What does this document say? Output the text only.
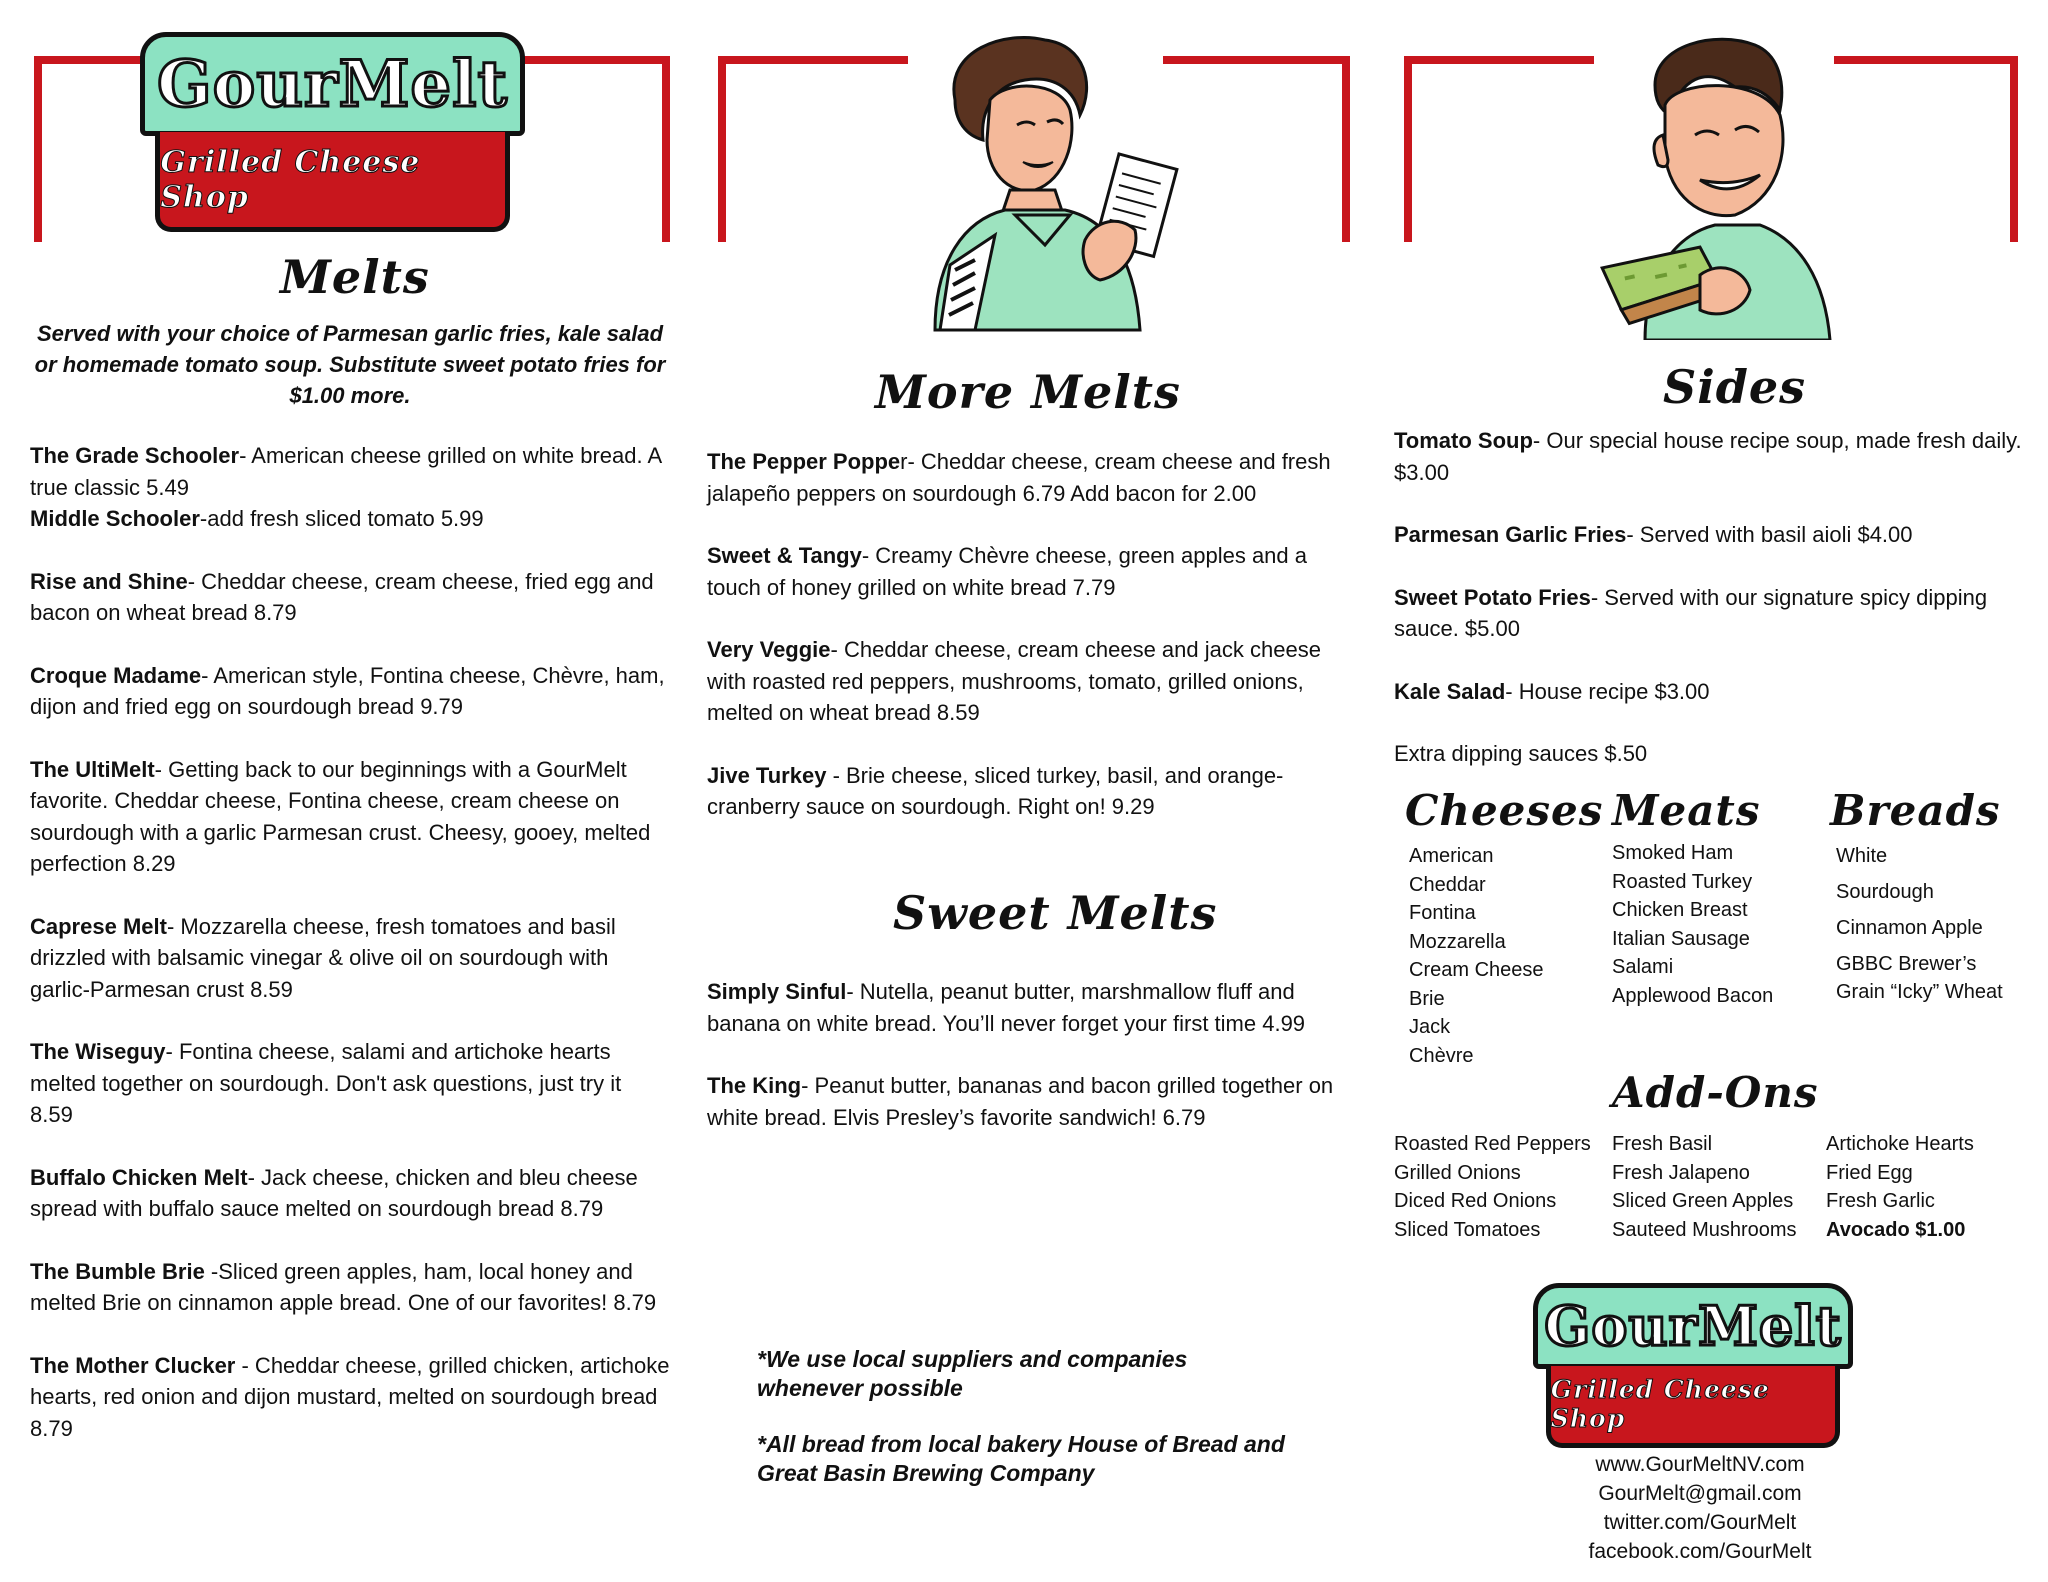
GourMelt
Grilled Cheese Shop
Melts
Served with your choice of Parmesan garlic fries, kale salad or homemade tomato soup. Substitute sweet potato fries for $1.00 more.
The Grade Schooler- American cheese grilled on white bread. A true classic 5.49
Middle Schooler-add fresh sliced tomato 5.99
Rise and Shine- Cheddar cheese, cream cheese, fried egg and bacon on wheat bread 8.79
Croque Madame- American style, Fontina cheese, Chèvre, ham, dijon and fried egg on sourdough bread 9.79
The UltiMelt- Getting back to our beginnings with a GourMelt favorite. Cheddar cheese, Fontina cheese, cream cheese on sourdough with a garlic Parmesan crust. Cheesy, gooey, melted perfection 8.29
Caprese Melt- Mozzarella cheese, fresh tomatoes and basil drizzled with balsamic vinegar & olive oil on sourdough with garlic-Parmesan crust 8.59
The Wiseguy- Fontina cheese, salami and artichoke hearts melted together on sourdough. Don't ask questions, just try it 8.59
Buffalo Chicken Melt- Jack cheese, chicken and bleu cheese spread with buffalo sauce melted on sourdough bread 8.79
The Bumble Brie -Sliced green apples, ham, local honey and melted Brie on cinnamon apple bread. One of our favorites! 8.79
The Mother Clucker - Cheddar cheese, grilled chicken, artichoke hearts, red onion and dijon mustard, melted on sourdough bread 8.79
More Melts
The Pepper Popper- Cheddar cheese, cream cheese and fresh jalapeño peppers on sourdough 6.79 Add bacon for 2.00
Sweet & Tangy- Creamy Chèvre cheese, green apples and a touch of honey grilled on white bread 7.79
Very Veggie- Cheddar cheese, cream cheese and jack cheese with roasted red peppers, mushrooms, tomato, grilled onions, melted on wheat bread 8.59
Jive Turkey - Brie cheese, sliced turkey, basil, and orange-cranberry sauce on sourdough. Right on! 9.29
Sweet Melts
Simply Sinful- Nutella, peanut butter, marshmallow fluff and banana on white bread. You’ll never forget your first time 4.99
The King- Peanut butter, bananas and bacon grilled together on white bread. Elvis Presley’s favorite sandwich! 6.79
*We use local suppliers and companies whenever possible
*All bread from local bakery House of Bread and Great Basin Brewing Company
Sides
Tomato Soup- Our special house recipe soup, made fresh daily. $3.00
Parmesan Garlic Fries- Served with basil aioli $4.00
Sweet Potato Fries- Served with our signature spicy dipping sauce. $5.00
Kale Salad- House recipe $3.00
Extra dipping sauces $.50
Cheeses
American
Cheddar
Fontina
Mozzarella
Cream Cheese
Brie
Jack
Chèvre
Meats
Smoked Ham
Roasted Turkey
Chicken Breast
Italian Sausage
Salami
Applewood Bacon
Breads
White
Sourdough
Cinnamon Apple
GBBC Brewer’s
Grain “Icky” Wheat
Add-Ons
Roasted Red Peppers
Grilled Onions
Diced Red Onions
Sliced Tomatoes
Fresh Basil
Fresh Jalapeno
Sliced Green Apples
Sauteed Mushrooms
Artichoke Hearts
Fried Egg
Fresh Garlic
Avocado $1.00
GourMelt
Grilled Cheese Shop
www.GourMeltNV.com
GourMelt@gmail.com
twitter.com/GourMelt
facebook.com/GourMelt
